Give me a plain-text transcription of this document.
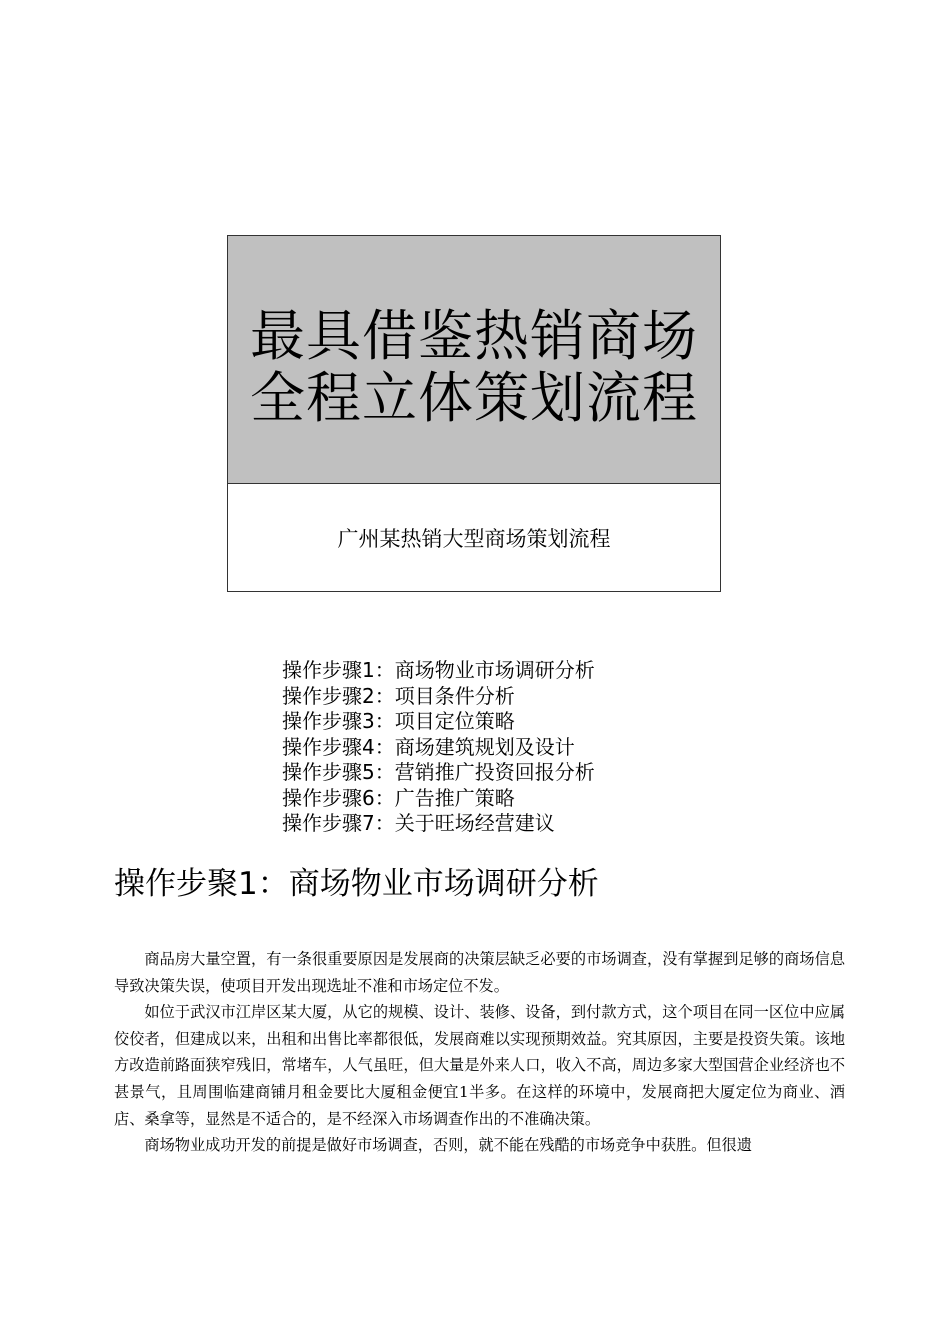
最具借鉴热销商场
全程立体策划流程
广州某热销大型商场策划流程
操作步骤1：商场物业市场调研分析
操作步骤2：项目条件分析
操作步骤3：项目定位策略
操作步骤4：商场建筑规划及设计
操作步骤5：营销推广投资回报分析
操作步骤6：广告推广策略
操作步骤7：关于旺场经营建议
操作步聚1：商场物业市场调研分析

商品房大量空置，有一条很重要原因是发展商的决策层缺乏必要的市场调查，没有掌握到足够的商场信息导致决策失误，使项目开发出现选址不准和市场定位不发。

如位于武汉市江岸区某大厦，从它的规模、设计、装修、设备，到付款方式，这个项目在同一区位中应属佼佼者，但建成以来，出租和出售比率都很低，发展商难以实现预期效益。究其原因，主要是投资失策。该地方改造前路面狭窄残旧，常堵车，人气虽旺，但大量是外来人口，收入不高，周边多家大型国营企业经济也不甚景气，且周围临建商铺月租金要比大厦租金便宜1半多。在这样的环境中，发展商把大厦定位为商业、酒店、桑拿等，显然是不适合的，是不经深入市场调查作出的不准确决策。

商场物业成功开发的前提是做好市场调查，否则，就不能在残酷的市场竞争中获胜。但很遗
